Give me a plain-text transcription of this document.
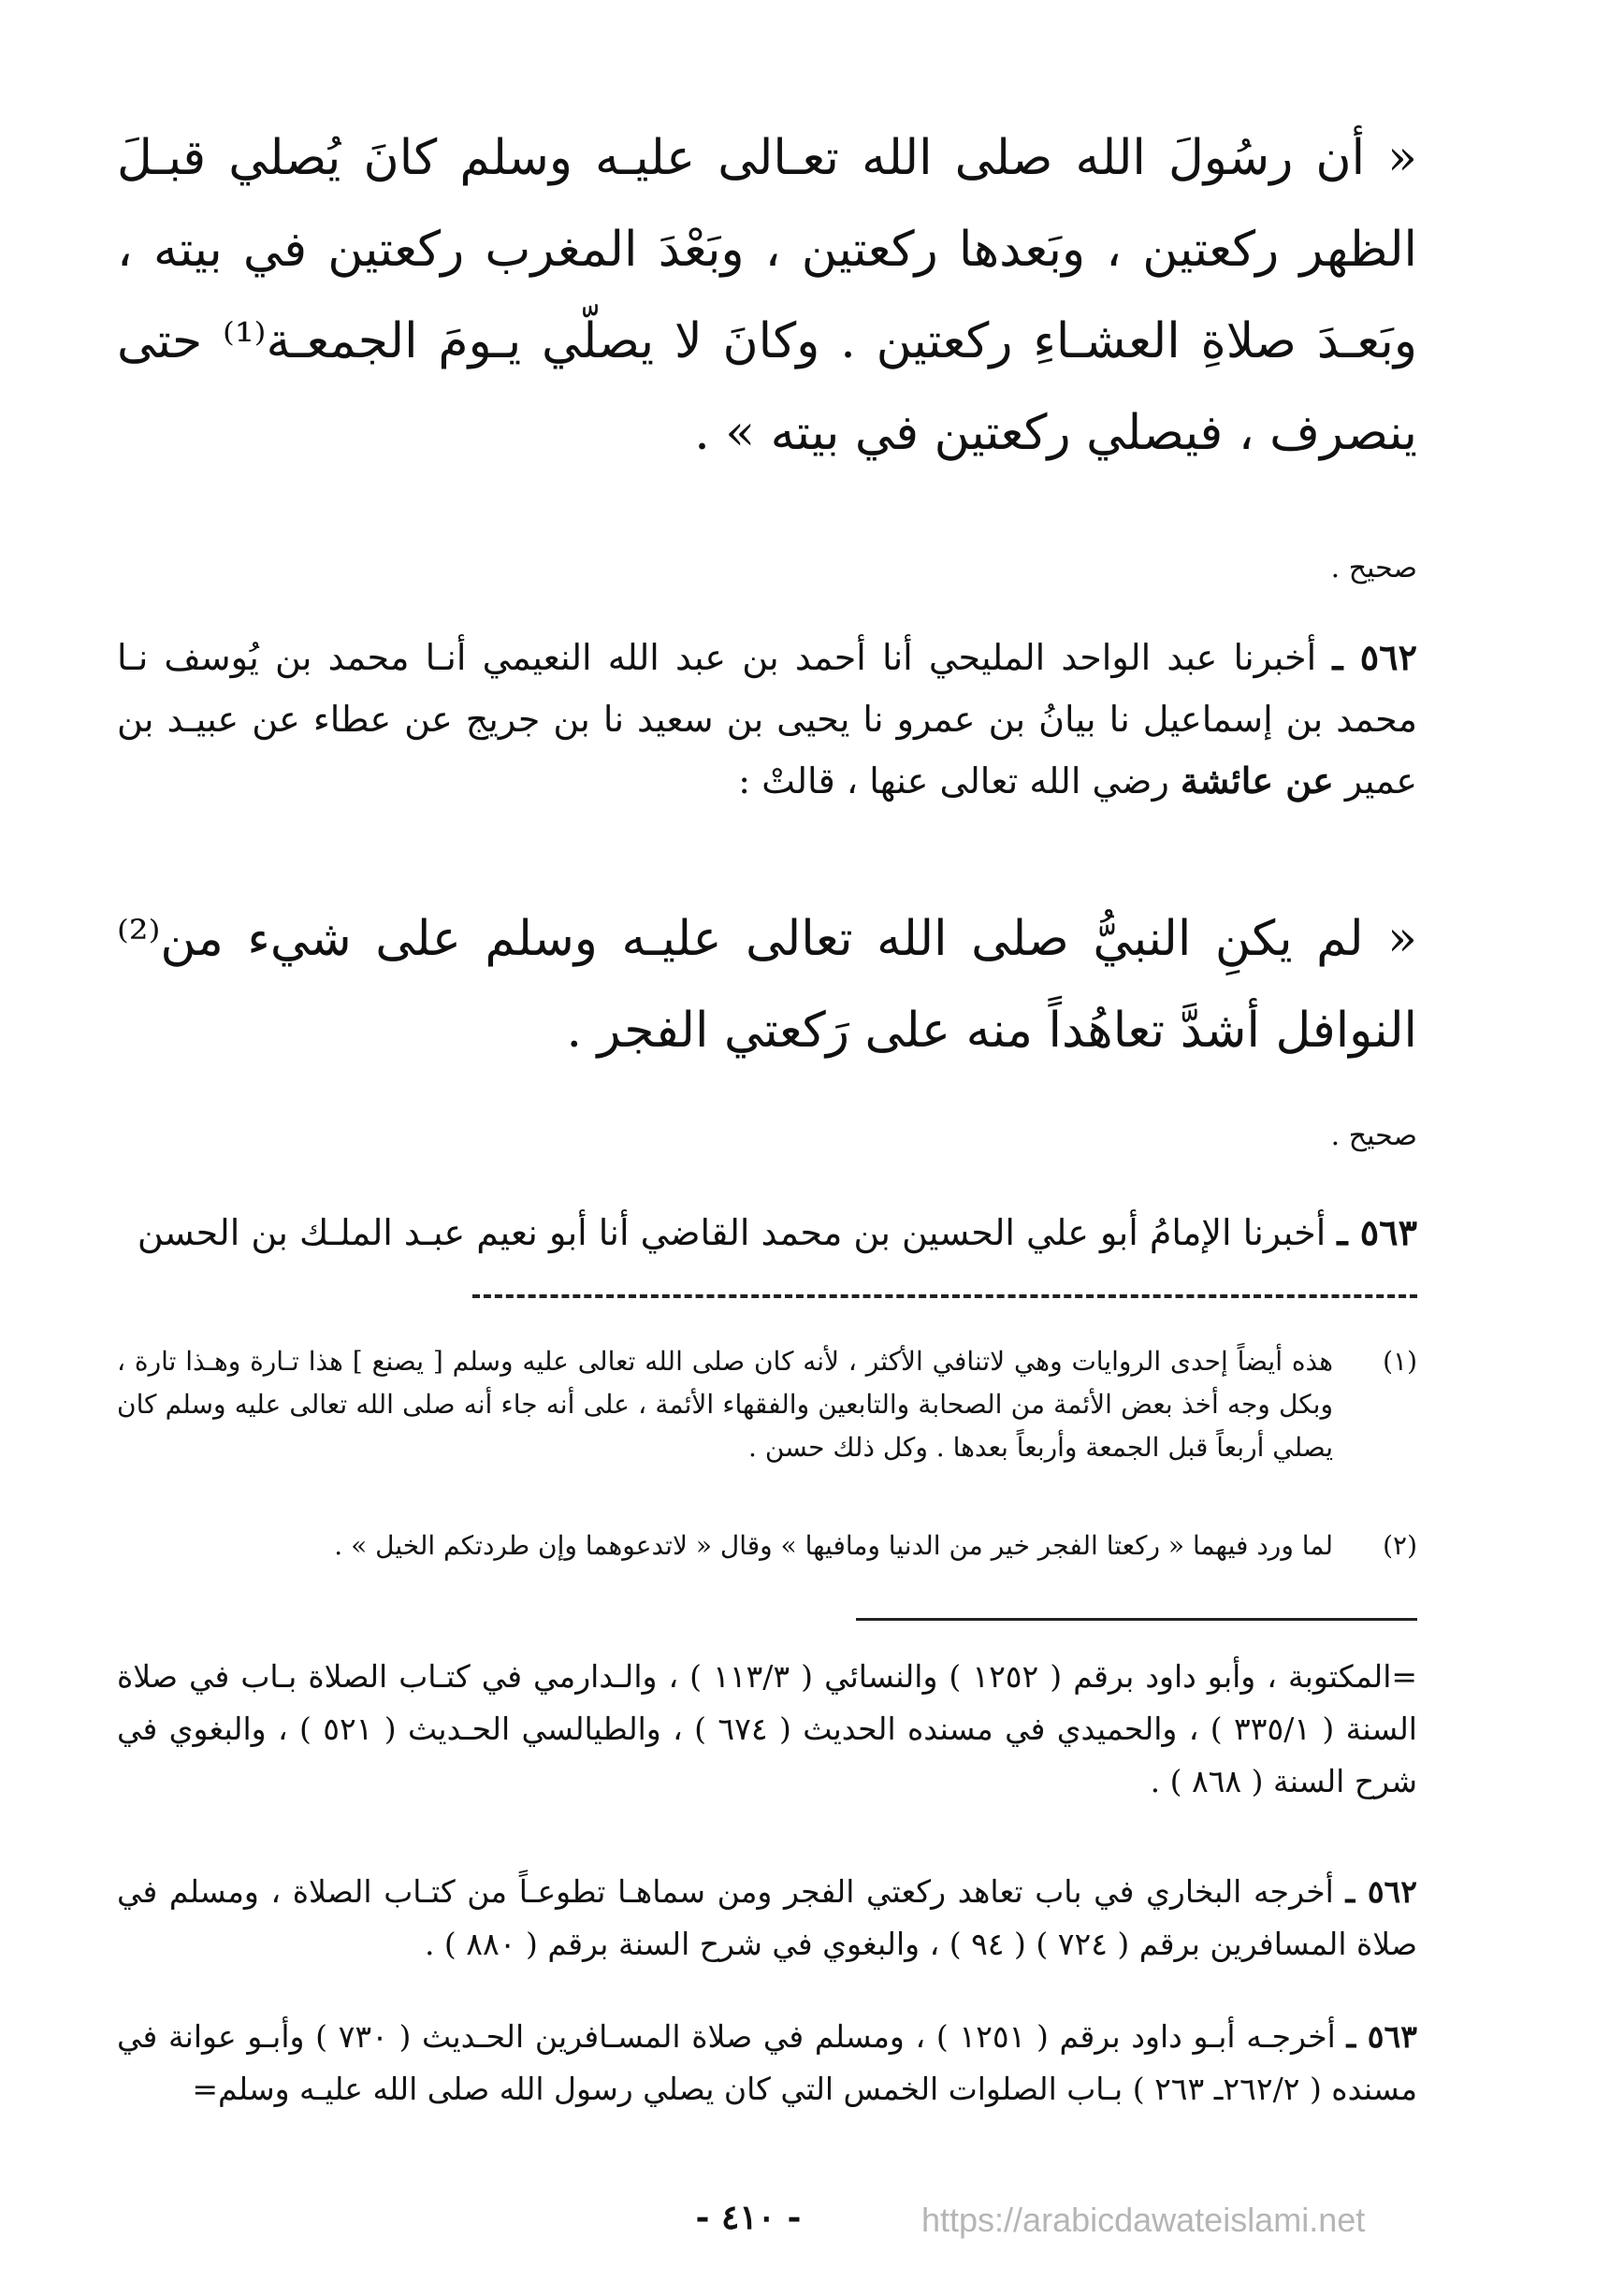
« أن رسُولَ الله صلى الله تعـالى عليـه وسلم كانَ يُصلي قبـلَ الظهر ركعتين ، وبَعدها ركعتين ، وبَعْدَ المغرب ركعتين في بيته ، وبَعـدَ صلاةِ العشـاءِ ركعتين . وكانَ لا يصلّي يـومَ الجمعـة⁽¹⁾ حتى ينصرف ، فيصلي ركعتين في بيته » .

صحيح .

٥٦٢ ـ أخبرنا عبد الواحد المليحي أنا أحمد بن عبد الله النعيمي أنـا محمد بن يُوسف نـا محمد بن إسماعيل نا بيانُ بن عمرو نا يحيى بن سعيد نا بن جريج عن عطاء عن عبيـد بن عمير عن عائشة رضي الله تعالى عنها ، قالتْ :

« لم يكنِ النبيُّ صلى الله تعالى عليـه وسلم على شيء من⁽²⁾ النوافل أشدَّ تعاهُداً منه على رَكعتي الفجر .

صحيح .

٥٦٣ ـ أخبرنا الإمامُ أبو علي الحسين بن محمد القاضي أنا أبو نعيم عبـد الملـك بن الحسن

(١)
هذه أيضاً إحدى الروايات وهي لاتنافي الأكثر ، لأنه كان صلى الله تعالى عليه وسلم [ يصنع ] هذا تـارة وهـذا تارة ، وبكل وجه أخذ بعض الأئمة من الصحابة والتابعين والفقهاء الأئمة ، على أنه جاء أنه صلى الله تعالى عليه وسلم كان يصلي أربعاً قبل الجمعة وأربعاً بعدها . وكل ذلك حسن .
(٢)
لما ورد فيهما « ركعتا الفجر خير من الدنيا ومافيها » وقال « لاتدعوهما وإن طردتكم الخيل » .

=المكتوبة ، وأبو داود برقم ( ١٢٥٢ ) والنسائي ( ١١٣/٣ ) ، والـدارمي في كتـاب الصلاة بـاب في صلاة السنة ( ٣٣٥/١ ) ، والحميدي في مسنده الحديث ( ٦٧٤ ) ، والطيالسي الحـديث ( ٥٢١ ) ، والبغوي في شرح السنة ( ٨٦٨ ) .

٥٦٢ ـ أخرجه البخاري في باب تعاهد ركعتي الفجر ومن سماهـا تطوعـاً من كتـاب الصلاة ، ومسلم في صلاة المسافرين برقم ( ٧٢٤ ) ( ٩٤ ) ، والبغوي في شرح السنة برقم ( ٨٨٠ ) .

٥٦٣ ـ أخرجـه أبـو داود برقم ( ١٢٥١ ) ، ومسلم في صلاة المسـافرين الحـديث ( ٧٣٠ ) وأبـو عوانة في مسنده ( ٢٦٢/٢ـ ٢٦٣ ) بـاب الصلوات الخمس التي كان يصلي رسول الله صلى الله عليـه وسلم=

- ٤١٠ -	https://arabicdawateislami.net
